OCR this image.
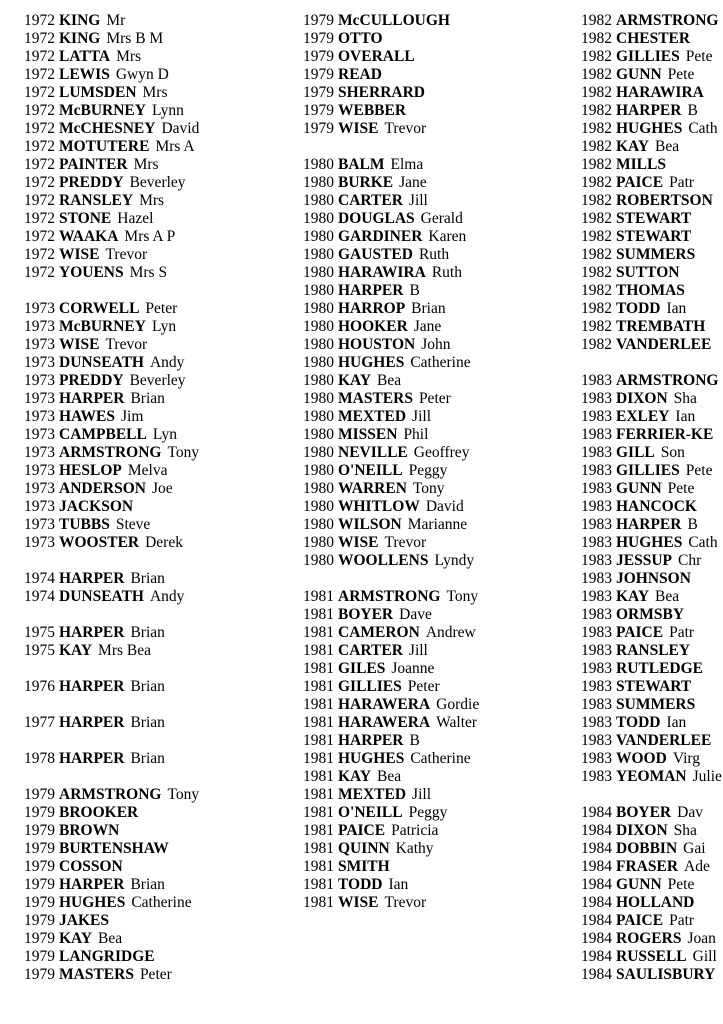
1972 KING Mr
1972 KING Mrs B M
1972 LATTA Mrs
1972 LEWIS Gwyn D
1972 LUMSDEN Mrs
1972 McBURNEY Lynn
1972 McCHESNEY David
1972 MOTUTERE Mrs A
1972 PAINTER Mrs
1972 PREDDY Beverley
1972 RANSLEY Mrs
1972 STONE Hazel
1972 WAAKA Mrs A P
1972 WISE Trevor
1972 YOUENS Mrs S
1973 CORWELL Peter
1973 McBURNEY Lyn
1973 WISE Trevor
1973 DUNSEATH Andy
1973 PREDDY Beverley
1973 HARPER Brian
1973 HAWES Jim
1973 CAMPBELL Lyn
1973 ARMSTRONG Tony
1973 HESLOP Melva
1973 ANDERSON Joe
1973 JACKSON
1973 TUBBS Steve
1973 WOOSTER Derek
1974 HARPER Brian
1974 DUNSEATH Andy
1975 HARPER Brian
1975 KAY Mrs Bea
1976 HARPER Brian
1977 HARPER Brian
1978 HARPER Brian
1979 ARMSTRONG Tony
1979 BROOKER
1979 BROWN
1979 BURTENSHAW
1979 COSSON
1979 HARPER Brian
1979 HUGHES Catherine
1979 JAKES
1979 KAY Bea
1979 LANGRIDGE
1979 MASTERS Peter
1979 McCULLOUGH
1979 OTTO
1979 OVERALL
1979 READ
1979 SHERRARD
1979 WEBBER
1979 WISE Trevor
1980 BALM Elma
1980 BURKE Jane
1980 CARTER Jill
1980 DOUGLAS Gerald
1980 GARDINER Karen
1980 GAUSTED Ruth
1980 HARAWIRA Ruth
1980 HARPER B
1980 HARROP Brian
1980 HOOKER Jane
1980 HOUSTON John
1980 HUGHES Catherine
1980 KAY Bea
1980 MASTERS Peter
1980 MEXTED Jill
1980 MISSEN Phil
1980 NEVILLE Geoffrey
1980 O'NEILL Peggy
1980 WARREN Tony
1980 WHITLOW David
1980 WILSON Marianne
1980 WISE Trevor
1980 WOOLLENS Lyndy
1981 ARMSTRONG Tony
1981 BOYER Dave
1981 CAMERON Andrew
1981 CARTER Jill
1981 GILES Joanne
1981 GILLIES Peter
1981 HARAWERA Gordie
1981 HARAWERA Walter
1981 HARPER B
1981 HUGHES Catherine
1981 KAY Bea
1981 MEXTED Jill
1981 O'NEILL Peggy
1981 PAICE Patricia
1981 QUINN Kathy
1981 SMITH
1981 TODD Ian
1981 WISE Trevor
1982 ARMSTRONG
1982 CHESTER
1982 GILLIES Pete
1982 GUNN Pete
1982 HARAWIRA
1982 HARPER B
1982 HUGHES Cath
1982 KAY Bea
1982 MILLS
1982 PAICE Patr
1982 ROBERTSON
1982 STEWART
1982 STEWART
1982 SUMMERS
1982 SUTTON
1982 THOMAS
1982 TODD Ian
1982 TREMBATH
1982 VANDERLEE
1983 ARMSTRONG
1983 DIXON Sha
1983 EXLEY Ian
1983 FERRIER-KE
1983 GILL Son
1983 GILLIES Pete
1983 GUNN Pete
1983 HANCOCK
1983 HARPER B
1983 HUGHES Cath
1983 JESSUP Chr
1983 JOHNSON
1983 KAY Bea
1983 ORMSBY
1983 PAICE Patr
1983 RANSLEY
1983 RUTLEDGE
1983 STEWART
1983 SUMMERS
1983 TODD Ian
1983 VANDERLEE
1983 WOOD Virg
1983 YEOMAN Julie
1984 BOYER Dav
1984 DIXON Sha
1984 DOBBIN Gai
1984 FRASER Ade
1984 GUNN Pete
1984 HOLLAND
1984 PAICE Patr
1984 ROGERS Joan
1984 RUSSELL Gill
1984 SAULISBURY
